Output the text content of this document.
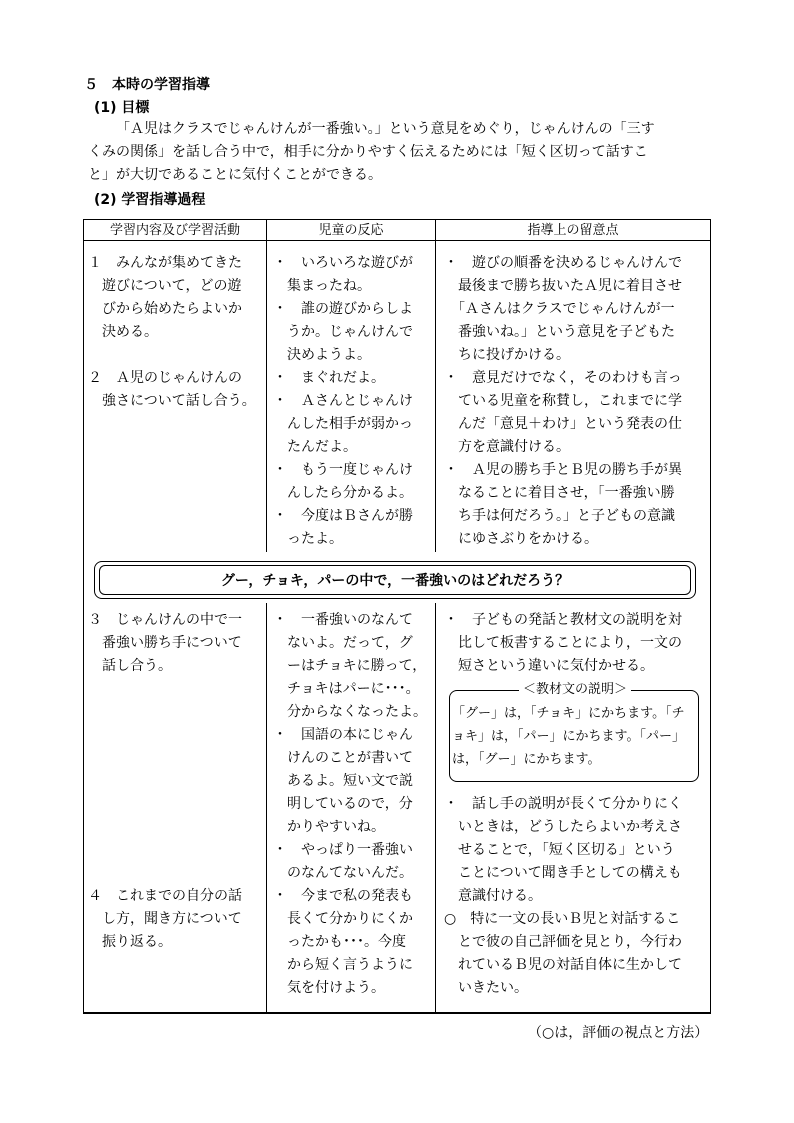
５　本時の学習指導
(1) 目標
「Ａ児はクラスでじゃんけんが一番強い。」という意見をめぐり，じゃんけんの「三す
くみの関係」を話し合う中で，相手に分かりやすく伝えるためには「短く区切って話すこ
と」が大切であることに気付くことができる。
(2) 学習指導過程
学習内容及び学習活動	児童の反応	指導上の留意点

１　みんなが集めてきた

　遊びについて，どの遊

　びから始めたらよいか

　決める。

２　Ａ児のじゃんけんの

　強さについて話し合う。

・　いろいろな遊びが

　集まったね。

・　誰の遊びからしよ

　うか。じゃんけんで

　決めようよ。

・　まぐれだよ。

・　Ａさんとじゃんけ

　んした相手が弱かっ

　たんだよ。

・　もう一度じゃんけ

　んしたら分かるよ。

・　今度はＢさんが勝

　ったよ。

・　遊びの順番を決めるじゃんけんで

　最後まで勝ち抜いたＡ児に着目させ

　「Ａさんはクラスでじゃんけんが一

　番強いね。」という意見を子どもた

　ちに投げかける。

・　意見だけでなく，そのわけも言っ

　ている児童を称賛し，これまでに学

　んだ「意見＋わけ」という発表の仕

　方を意識付ける。

・　Ａ児の勝ち手とＢ児の勝ち手が異

　なることに着目させ，「一番強い勝

　ち手は何だろう。」と子どもの意識

　にゆさぶりをかける。

グー，チョキ，パーの中で，一番強いのはどれだろう？

３　じゃんけんの中で一

　番強い勝ち手について

　話し合う。

４　これまでの自分の話

　し方，聞き方について

　振り返る。

・　一番強いのなんて

　ないよ。だって，グ

　ーはチョキに勝って，

　チョキはパーに･･･。

　分からなくなったよ。

・　国語の本にじゃん

　けんのことが書いて

　あるよ。短い文で説

　明しているので，分

　かりやすいね。

・　やっぱり一番強い

　のなんてないんだ。

・　今まで私の発表も

　長くて分かりにくか

　ったかも･･･。今度

　から短く言うように

　気を付けよう。

・　子どもの発話と教材文の説明を対

　比して板書することにより，一文の

　短さという違いに気付かせる。

＜教材文の説明＞

「グー」は，「チョキ」にかちます。「チ

ョキ」は，「パー」にかちます。「パー」

は，「グー」にかちます。

・　話し手の説明が長くて分かりにく

　いときは，どうしたらよいか考えさ

　せることで，「短く区切る」という

　ことについて聞き手としての構えも

　意識付ける。

○　特に一文の長いＢ児と対話するこ

　とで彼の自己評価を見とり，今行わ

　れているＢ児の対話自体に生かして

　いきたい。

（○は，評価の視点と方法）
